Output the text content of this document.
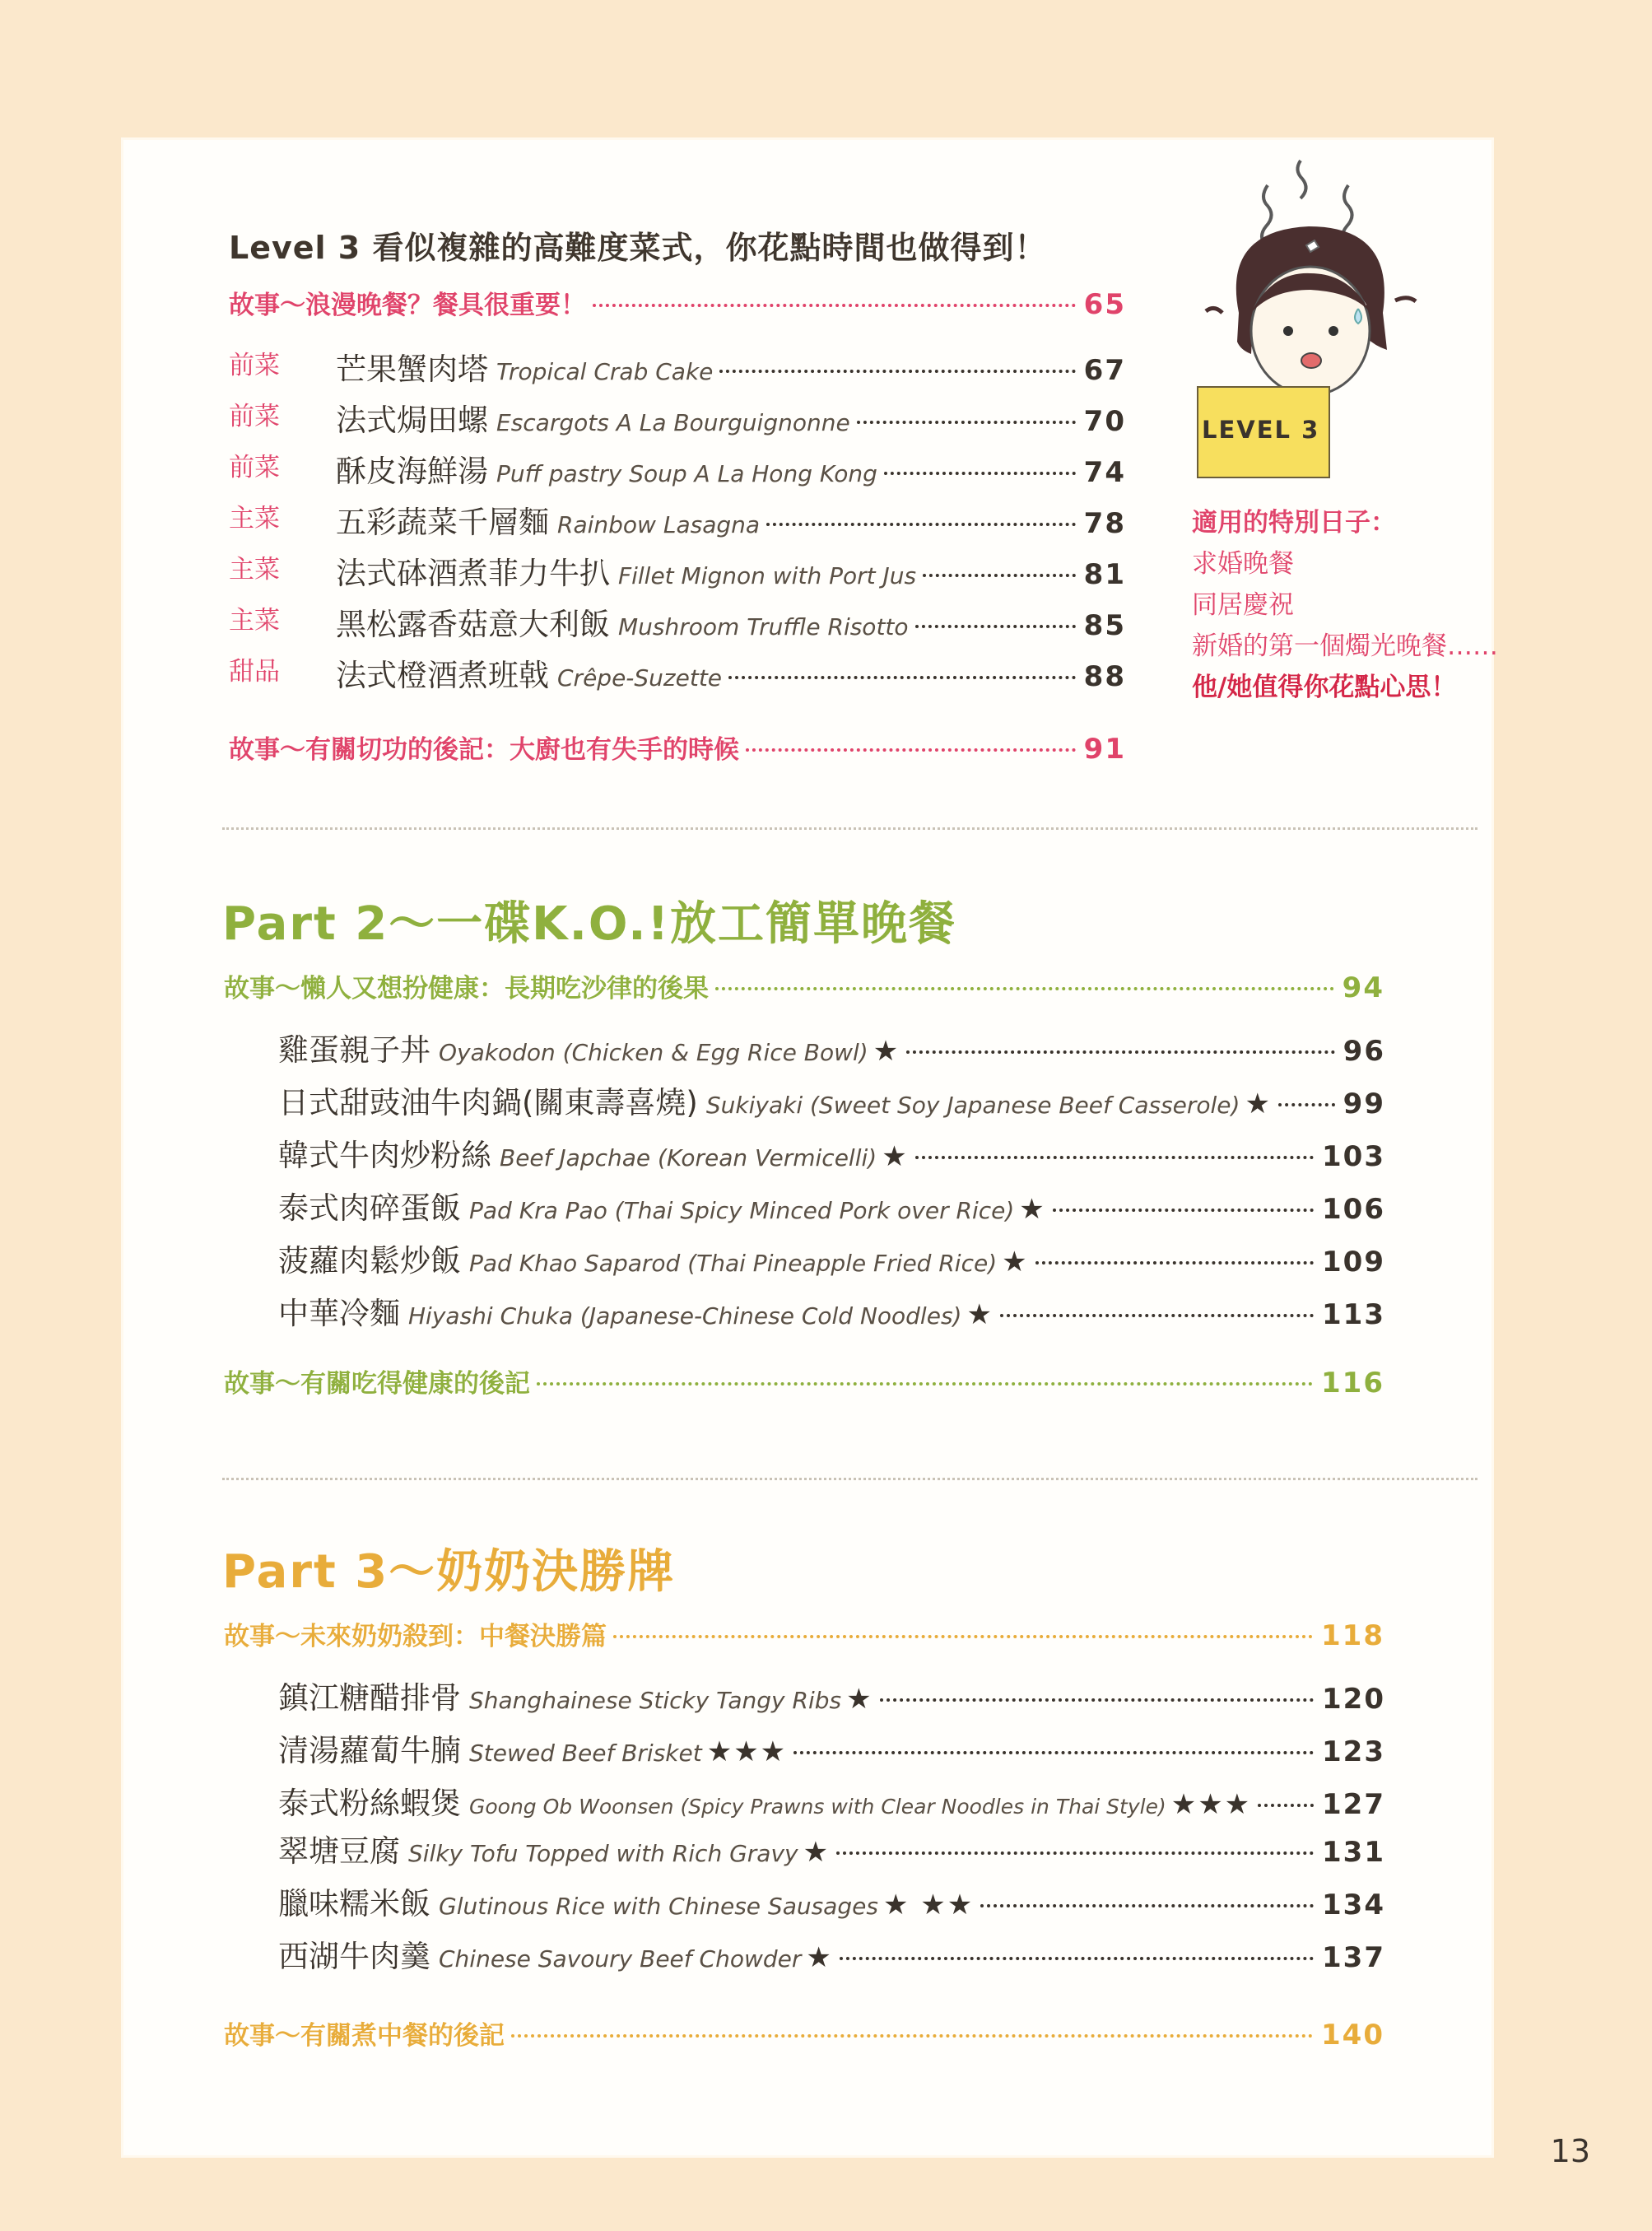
Level 3 看似複雜的高難度菜式，你花點時間也做得到！
故事～浪漫晚餐？餐具很重要！	65
前菜 芒果蟹肉塔 Tropical Crab Cake	67
前菜 法式焗田螺 Escargots A La Bourguignonne	70
前菜 酥皮海鮮湯 Puff pastry Soup A La Hong Kong	74
主菜 五彩蔬菜千層麵 Rainbow Lasagna	78
主菜 法式砵酒煮菲力牛扒 Fillet Mignon with Port Jus	81
主菜 黑松露香菇意大利飯 Mushroom Truffle Risotto	85
甜品 法式橙酒煮班戟 Crêpe-Suzette	88
故事～有關切功的後記：大廚也有失手的時候	91
LEVEL 3
適用的特別日子：
求婚晚餐
同居慶祝
新婚的第一個燭光晚餐……
他/她值得你花點心思！
Part 2～一碟K.O.!放工簡單晚餐
故事～懶人又想扮健康：長期吃沙律的後果	94
雞蛋親子丼 Oyakodon (Chicken & Egg Rice Bowl) ★	96
日式甜豉油牛肉鍋(關東壽喜燒) Sukiyaki (Sweet Soy Japanese Beef Casserole) ★	99
韓式牛肉炒粉絲 Beef Japchae (Korean Vermicelli) ★	103
泰式肉碎蛋飯 Pad Kra Pao (Thai Spicy Minced Pork over Rice) ★	106
菠蘿肉鬆炒飯 Pad Khao Saparod (Thai Pineapple Fried Rice) ★	109
中華冷麵 Hiyashi Chuka (Japanese-Chinese Cold Noodles) ★	113
故事～有關吃得健康的後記	116
Part 3～奶奶決勝牌
故事～未來奶奶殺到：中餐決勝篇	118
鎮江糖醋排骨 Shanghainese Sticky Tangy Ribs ★	120
清湯蘿蔔牛腩 Stewed Beef Brisket ★★★	123
泰式粉絲蝦煲 Goong Ob Woonsen (Spicy Prawns with Clear Noodles in Thai Style) ★★★	127
翠塘豆腐 Silky Tofu Topped with Rich Gravy ★	131
臘味糯米飯 Glutinous Rice with Chinese Sausages ★ ★★	134
西湖牛肉羹 Chinese Savoury Beef Chowder ★	137
故事～有關煮中餐的後記	140
13
